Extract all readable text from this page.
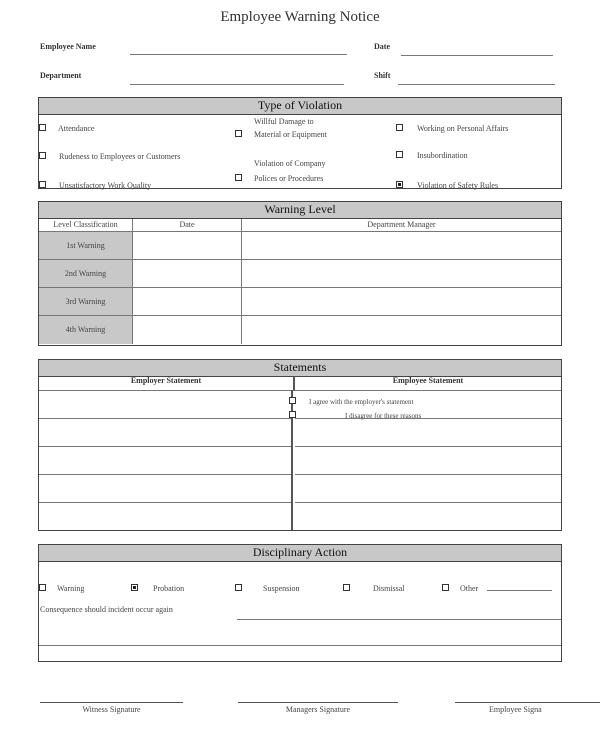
Employee Warning Notice
Employee Name	Date
Department	Shift
Type of Violation
Attendance
Willful Damage to
Material or Equipment
Working on Personal Affairs
Rudeness to Employees or Customers	Insubordination
Unsatisfactory Work Quality
Violation of Company
Polices or Procedures
Violation of Safety Rules
Warning Level
Level Classification	Date	Department Manager
1st Warning		
2nd Warning		
3rd Warning		
4th Warning		
Statements
Employer Statement	Employee Statement
I agree with the employer's statement
I disagree for these reasons
Disciplinary Action
Warning	Probation	Suspension	Dismissal	Other
Consequence should incident occur again
Witness Signature	Managers Signature	Employee Signa
